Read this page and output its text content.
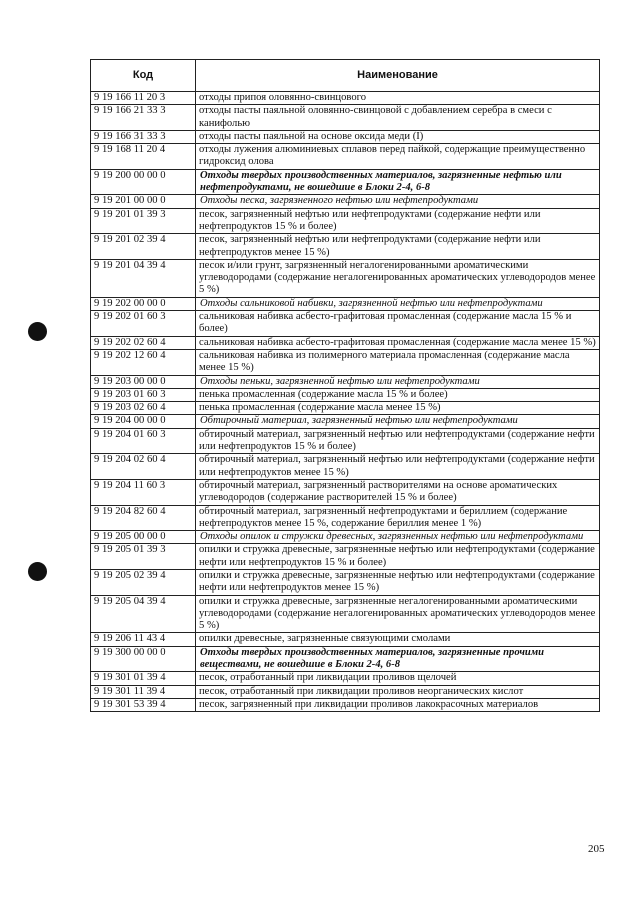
Код	Наименование
9 19 166 11 20 3	отходы припоя оловянно-свинцового
9 19 166 21 33 3	отходы пасты паяльной оловянно-свинцовой с добавлением серебра в смеси с канифолью
9 19 166 31 33 3	отходы пасты паяльной на основе оксида меди (I)
9 19 168 11 20 4	отходы лужения алюминиевых сплавов перед пайкой, содержащие преимущественно гидроксид олова
9 19 200 00 00 0	Отходы твердых производственных материалов, загрязненные нефтью или нефтепродуктами, не вошедшие в Блоки 2-4, 6-8
9 19 201 00 00 0	Отходы песка, загрязненного нефтью или нефтепродуктами
9 19 201 01 39 3	песок, загрязненный нефтью или нефтепродуктами (содержание нефти или нефтепродуктов 15 % и более)
9 19 201 02 39 4	песок, загрязненный нефтью или нефтепродуктами (содержание нефти или нефтепродуктов менее 15 %)
9 19 201 04 39 4	песок и/или грунт, загрязненный негалогенированными ароматическими углеводородами (содержание негалогенированных ароматических углеводородов менее 5 %)
9 19 202 00 00 0	Отходы сальниковой набивки, загрязненной нефтью или нефтепродуктами
9 19 202 01 60 3	сальниковая набивка асбесто-графитовая промасленная (содержание масла 15 % и более)
9 19 202 02 60 4	сальниковая набивка асбесто-графитовая промасленная (содержание масла менее 15 %)
9 19 202 12 60 4	сальниковая набивка из полимерного материала промасленная (содержание масла менее 15 %)
9 19 203 00 00 0	Отходы пеньки, загрязненной нефтью или нефтепродуктами
9 19 203 01 60 3	пенька промасленная (содержание масла 15 % и более)
9 19 203 02 60 4	пенька промасленная (содержание масла менее 15 %)
9 19 204 00 00 0	Обтирочный материал, загрязненный нефтью или нефтепродуктами
9 19 204 01 60 3	обтирочный материал, загрязненный нефтью или нефтепродуктами (содержание нефти или нефтепродуктов 15 % и более)
9 19 204 02 60 4	обтирочный материал, загрязненный нефтью или нефтепродуктами (содержание нефти или нефтепродуктов менее 15 %)
9 19 204 11 60 3	обтирочный материал, загрязненный растворителями на основе ароматических углеводородов (содержание растворителей 15 % и более)
9 19 204 82 60 4	обтирочный материал, загрязненный нефтепродуктами и бериллием (содержание нефтепродуктов менее 15 %, содержание бериллия менее 1 %)
9 19 205 00 00 0	Отходы опилок и стружки древесных, загрязненных нефтью или нефтепродуктами
9 19 205 01 39 3	опилки и стружка древесные, загрязненные нефтью или нефтепродуктами (содержание нефти или нефтепродуктов 15 % и более)
9 19 205 02 39 4	опилки и стружка древесные, загрязненные нефтью или нефтепродуктами (содержание нефти или нефтепродуктов менее 15 %)
9 19 205 04 39 4	опилки и стружка древесные, загрязненные негалогенированными ароматическими углеводородами (содержание негалогенированных ароматических углеводородов менее 5 %)
9 19 206 11 43 4	опилки древесные, загрязненные связующими смолами
9 19 300 00 00 0	Отходы твердых производственных материалов, загрязненные прочими веществами, не вошедшие в Блоки 2-4, 6-8
9 19 301 01 39 4	песок, отработанный при ликвидации проливов щелочей
9 19 301 11 39 4	песок, отработанный при ликвидации проливов неорганических кислот
9 19 301 53 39 4	песок, загрязненный при ликвидации проливов лакокрасочных материалов
205
